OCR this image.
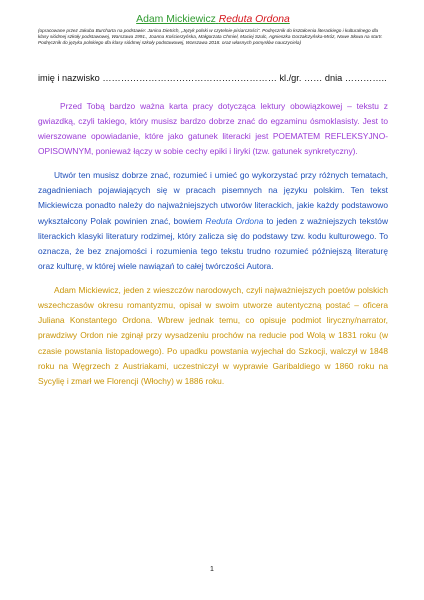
Adam Mickiewicz Reduta Ordona
(opracowane przez Jakuba Burcharta na podstawie: Janina Dietrich, „Język polski w czytelnie-pisiarczości". Podręcznik do kształcenia literackiego i kulturalnego dla klasy siódmej szkoły podstawowej, Warszawa 1991., Joanna Kościerzyńska, Małgorzata Chmiel, Maciej Szulc, Agnieszka Gorzałczyńska-Mróz, Nowe Słowa na start!. Podręcznik do języka polskiego dla klasy siódmej szkoły podstawowej, Warszawa 2018. oraz własnych pomysłów nauczyciela)
imię i nazwisko ………………………………………………… kl./gr. …… dnia …………..

Przed Tobą bardzo ważna karta pracy dotycząca lektury obowiązkowej – tekstu z gwiazdką, czyli takiego, który musisz bardzo dobrze znać do egzaminu ósmoklasisty. Jest to wierszowane opowiadanie, które jako gatunek literacki jest POEMATEM REFLEKSYJNO-OPISOWNYM, ponieważ łączy w sobie cechy epiki i liryki (tzw. gatunek synkretyczny).

Utwór ten musisz dobrze znać, rozumieć i umieć go wykorzystać przy różnych tematach, zagadnieniach pojawiających się w pracach pisemnych na języku polskim. Ten tekst Mickiewicza ponadto należy do najważniejszych utworów literackich, jakie każdy podstawowo wykształcony Polak powinien znać, bowiem Reduta Ordona to jeden z ważniejszych tekstów literackich klasyki literatury rodzimej, który zalicza się do podstawy tzw. kodu kulturowego. To oznacza, że bez znajomości i rozumienia tego tekstu trudno rozumieć późniejszą literaturę oraz kulturę, w której wiele nawiązań to całej twórczości Autora.

Adam Mickiewicz, jeden z wieszczów narodowych, czyli najważniejszych poetów polskich wszechczasów okresu romantyzmu, opisał w swoim utworze autentyczną postać – oficera Juliana Konstantego Ordona. Wbrew jednak temu, co opisuje podmiot liryczny/narrator, prawdziwy Ordon nie zginął przy wysadzeniu prochów na reducie pod Wolą w 1831 roku (w czasie powstania listopadowego). Po upadku powstania wyjechał do Szkocji, walczył w 1848 roku na Węgrzech z Austriakami, uczestniczył w wyprawie Garibaldiego w 1860 roku na Sycylię i zmarł we Florencji (Włochy) w 1886 roku.

1
